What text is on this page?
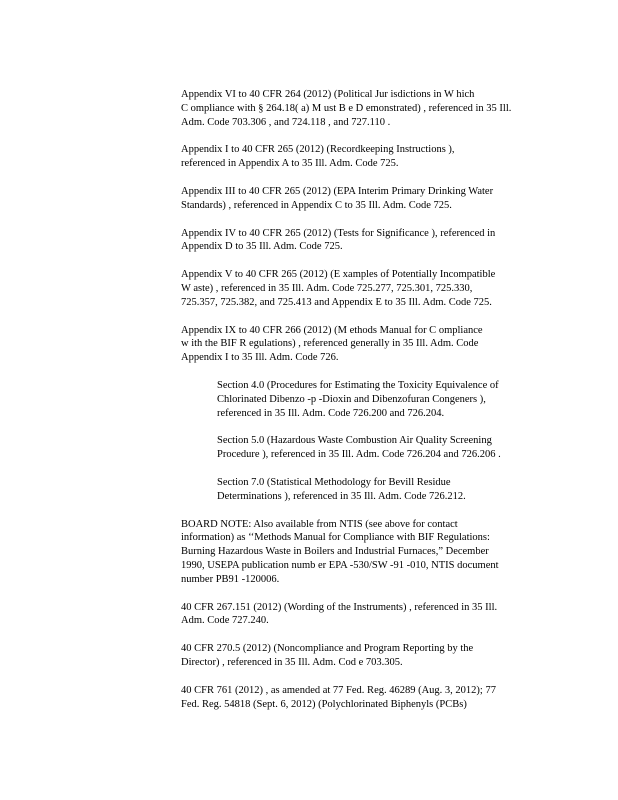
Appendix VI to 40 CFR 264 (2012) (Political Jur isdictions in W hich
C ompliance with § 264.18( a) M ust B e D emonstrated) , referenced in 35 Ill.
Adm. Code 703.306 , and 724.118 , and 727.110 .
Appendix I to 40 CFR 265 (2012) (Recordkeeping Instructions ),
referenced in Appendix A to 35 Ill. Adm. Code 725.
Appendix III to 40 CFR 265 (2012) (EPA Interim Primary Drinking Water
Standards) , referenced in Appendix C to 35 Ill. Adm. Code 725.
Appendix IV to 40 CFR 265 (2012) (Tests for Significance ), referenced in
Appendix D to 35 Ill. Adm. Code 725.
Appendix V to 40 CFR 265 (2012) (E xamples of Potentially Incompatible
W aste) , referenced in 35 Ill. Adm. Code 725.277, 725.301, 725.330,
725.357, 725.382, and 725.413 and Appendix E to 35 Ill. Adm. Code 725.
Appendix IX to 40 CFR 266 (2012) (M ethods Manual for C ompliance
w ith the BIF R egulations) , referenced generally in 35 Ill. Adm. Code
Appendix I to 35 Ill. Adm. Code 726.
Section 4.0 (Procedures for Estimating the Toxicity Equivalence of
Chlorinated Dibenzo -p -Dioxin and Dibenzofuran Congeners ),
referenced in 35 Ill. Adm. Code 726.200 and 726.204.
Section 5.0 (Hazardous Waste Combustion Air Quality Screening
Procedure ), referenced in 35 Ill. Adm. Code 726.204 and 726.206 .
Section 7.0 (Statistical Methodology for Bevill Residue
Determinations ), referenced in 35 Ill. Adm. Code 726.212.
BOARD NOTE: Also available from NTIS (see above for contact
information) as ‘‘Methods Manual for Compliance with BIF Regulations:
Burning Hazardous Waste in Boilers and Industrial Furnaces,” December
1990, USEPA publication numb er EPA -530/SW -91 -010, NTIS document
number PB91 -120006.
40 CFR 267.151 (2012) (Wording of the Instruments) , referenced in 35 Ill.
Adm. Code 727.240.
40 CFR 270.5 (2012) (Noncompliance and Program Reporting by the
Director) , referenced in 35 Ill. Adm. Cod e 703.305.
40 CFR 761 (2012) , as amended at 77 Fed. Reg. 46289 (Aug. 3, 2012); 77
Fed. Reg. 54818 (Sept. 6, 2012) (Polychlorinated Biphenyls (PCBs)
